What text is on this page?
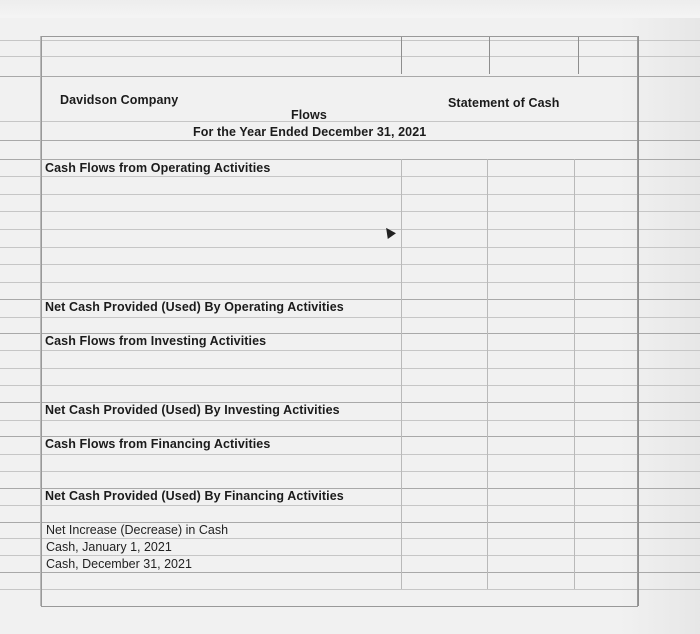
Davidson Company	Statement of Cash
Flows
For the Year Ended December 31, 2021
Cash Flows from Operating Activities
Net Cash Provided (Used) By Operating Activities
Cash Flows from Investing Activities
Net Cash Provided (Used) By Investing Activities
Cash Flows from Financing Activities
Net Cash Provided (Used) By Financing Activities
Net Increase (Decrease) in Cash
Cash, January 1, 2021
Cash, December 31, 2021
